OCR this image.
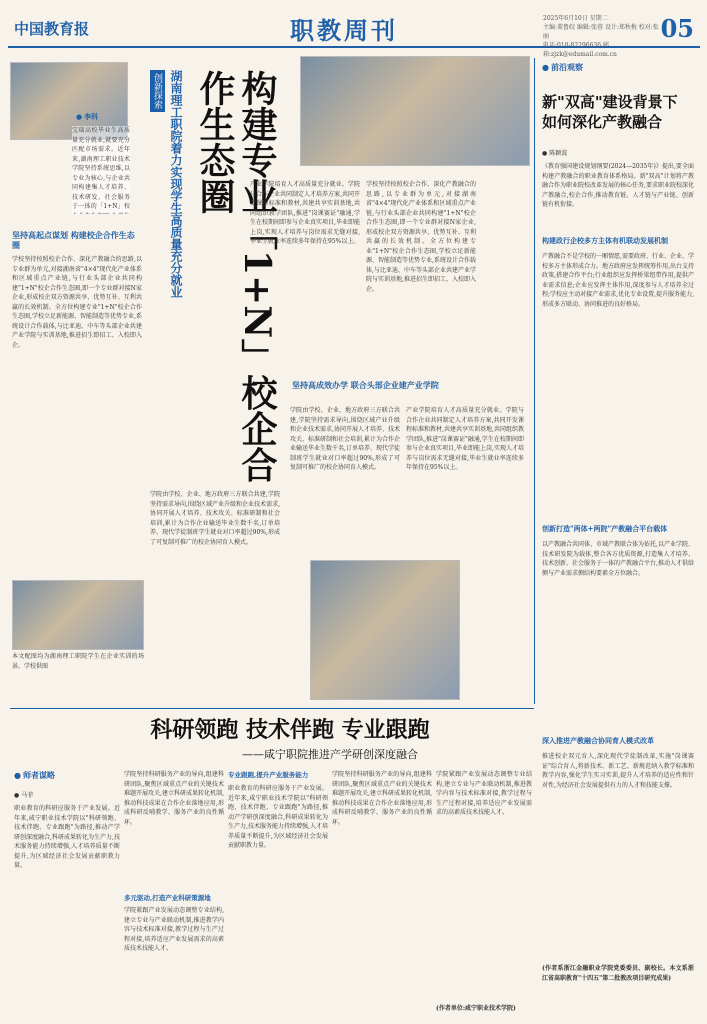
中国教育报	职教周刊	2025年6月10日 星期二
主编:董鲁皖 编辑:张蓉 设计:郑秋梅 校对:张丽
电话:010-82296636 邮箱:zjzk@edumail.com.cn
05
宝瑞高校毕业生高质量充分就业,就要充分匹配市场需求。近年来,湖南理工职业技术学院坚持系统思维,以专业为核心,与企业共同构建集人才培养、技术研发、社会服务于一体的「1+N」校
● 李科
创新探索 湖南理工职院着力实现学生高质量充分就业	构建专业「1+N」校企合作生态圈
坚持高起点谋划 构建校企合作生态圈
学校坚持按照校企合作、深化产教融合的思路,以专业群为单元,对接湖南省"4×4"现代化产业体系和区域重点产业链,与行业头部企业共同构建"1+N"校企合作生态圈,即一个专业群对接N家企业,形成校企双方资源共享、优势互补、互利共赢的长效机制。全方位构建专业"1+N"校企合作生态圈,学校立足新能源、智能制造等优势专业,系统设计合作载体,与比亚迪、中车等头部企业共建产业学院与实训基地,推进招生即招工、入校即入企。
学院由学校、企业、地方政府三方联合共建,学院坚持需求导向,围绕区域产业升级和企业技术需求,协同开展人才培养、技术攻关、标准研制和社会培训,累计为合作企业输送毕业生数千名,订单培养、现代学徒制班学生就业对口率超过90%,形成了可复制可推广的校企协同育人模式。
本文配图均为湖南理工职院学生在企业实训的场景。学校供图
产业学院培育人才高质量充分就业。学院与合作企业共同制定人才培养方案,共同开发课程标准和教材,共建共享实训基地,共同组织教学团队,推进"岗课赛证"融通,学生在校期间即参与企业真实项目,毕业即能上岗,实现人才培养与岗位需求无缝对接,毕业生就业率连续多年保持在95%以上。
学校坚持按照校企合作、深化产教融合的思路,以专业群为单元,对接湖南省"4×4"现代化产业体系和区域重点产业链,与行业头部企业共同构建"1+N"校企合作生态圈,即一个专业群对接N家企业,形成校企双方资源共享、优势互补、互利共赢的长效机制。全方位构建专业"1+N"校企合作生态圈,学校立足新能源、智能制造等优势专业,系统设计合作载体,与比亚迪、中车等头部企业共建产业学院与实训基地,推进招生即招工、入校即入企。
坚持高成效办学 联合头部企业建产业学院
学院由学校、企业、地方政府三方联合共建,学院坚持需求导向,围绕区域产业升级和企业技术需求,协同开展人才培养、技术攻关、标准研制和社会培训,累计为合作企业输送毕业生数千名,订单培养、现代学徒制班学生就业对口率超过90%,形成了可复制可推广的校企协同育人模式。
产业学院培育人才高质量充分就业。学院与合作企业共同制定人才培养方案,共同开发课程标准和教材,共建共享实训基地,共同组织教学团队,推进"岗课赛证"融通,学生在校期间即参与企业真实项目,毕业即能上岗,实现人才培养与岗位需求无缝对接,毕业生就业率连续多年保持在95%以上。
● 前沿观察
新"双高"建设背景下如何深化产教融合
● 陈颖波
《教育强国建设规划纲要(2024—2035年)》提出,要全面构建产教融合的职业教育体系格局。新"双高"计划将产教融合作为职业院校改革发展的核心任务,要求职业院校深化产教融合,校企合作,推动教育链、人才链与产业链、创新链有机衔接。
构建政行企校多方主体有机联动发展机制
产教融合不是学校的一厢情愿,需要政府、行业、企业、学校多方主体形成合力。地方政府应发挥统筹作用,出台支持政策,搭建合作平台;行业组织应发挥桥梁纽带作用,提供产业需求信息;企业应发挥主体作用,深度参与人才培养全过程;学校应主动对接产业需求,优化专业设置,提升服务能力,形成多方联动、协同推进的良好格局。
创新打造"两体+两院"产教融合平台载体
以产教融合共同体、市域产教联合体为依托,以产业学院、技术研发院为载体,整合各方优质资源,打造集人才培养、技术创新、社会服务于一体的产教融合平台,推动人才供给侧与产业需求侧结构要素全方位融合。
深入推进产教融合协同育人模式改革
推进校企双元育人,深化现代学徒制改革,实施"岗课赛证"综合育人,将新技术、新工艺、新规范纳入教学标准和教学内容,强化学生实习实训,提升人才培养的适应性和针对性,为经济社会发展提供有力的人才和技能支撑。
(作者系浙江金融职业学院党委委员、副校长。本文系浙江省高职教育"十四五"第二批教改项目研究成果)
科研领跑 技术伴跑 专业跟跑
——咸宁职院推进产学研创深度融合
● 师者谋略
● 马菲
职业教育的科研应服务于产业发展。近年来,咸宁职业技术学院以"科研领跑、技术伴跑、专业跟跑"为路径,推动产学研创深度融合,科研成果转化为生产力,技术服务能力持续增强,人才培养质量不断提升,为区域经济社会发展贡献职教力量。
学院坚持科研服务产业的导向,组建科研团队,聚焦区域重点产业的关键技术难题开展攻关,建立科研成果转化机制,推动科技成果在合作企业落地应用,形成科研反哺教学、服务产业的良性循环。
多元驱动,打造产业科研策源地
学院紧跟产业发展动态调整专业结构,建立专业与产业联动机制,推进教学内容与技术标准对接,教学过程与生产过程对接,培养适应产业发展需求的高素质技术技能人才。
专业跟跑,提升产业服务能力
职业教育的科研应服务于产业发展。近年来,咸宁职业技术学院以"科研领跑、技术伴跑、专业跟跑"为路径,推动产学研创深度融合,科研成果转化为生产力,技术服务能力持续增强,人才培养质量不断提升,为区域经济社会发展贡献职教力量。
学院坚持科研服务产业的导向,组建科研团队,聚焦区域重点产业的关键技术难题开展攻关,建立科研成果转化机制,推动科技成果在合作企业落地应用,形成科研反哺教学、服务产业的良性循环。
学院紧跟产业发展动态调整专业结构,建立专业与产业联动机制,推进教学内容与技术标准对接,教学过程与生产过程对接,培养适应产业发展需求的高素质技术技能人才。
(作者单位:咸宁职业技术学院)
